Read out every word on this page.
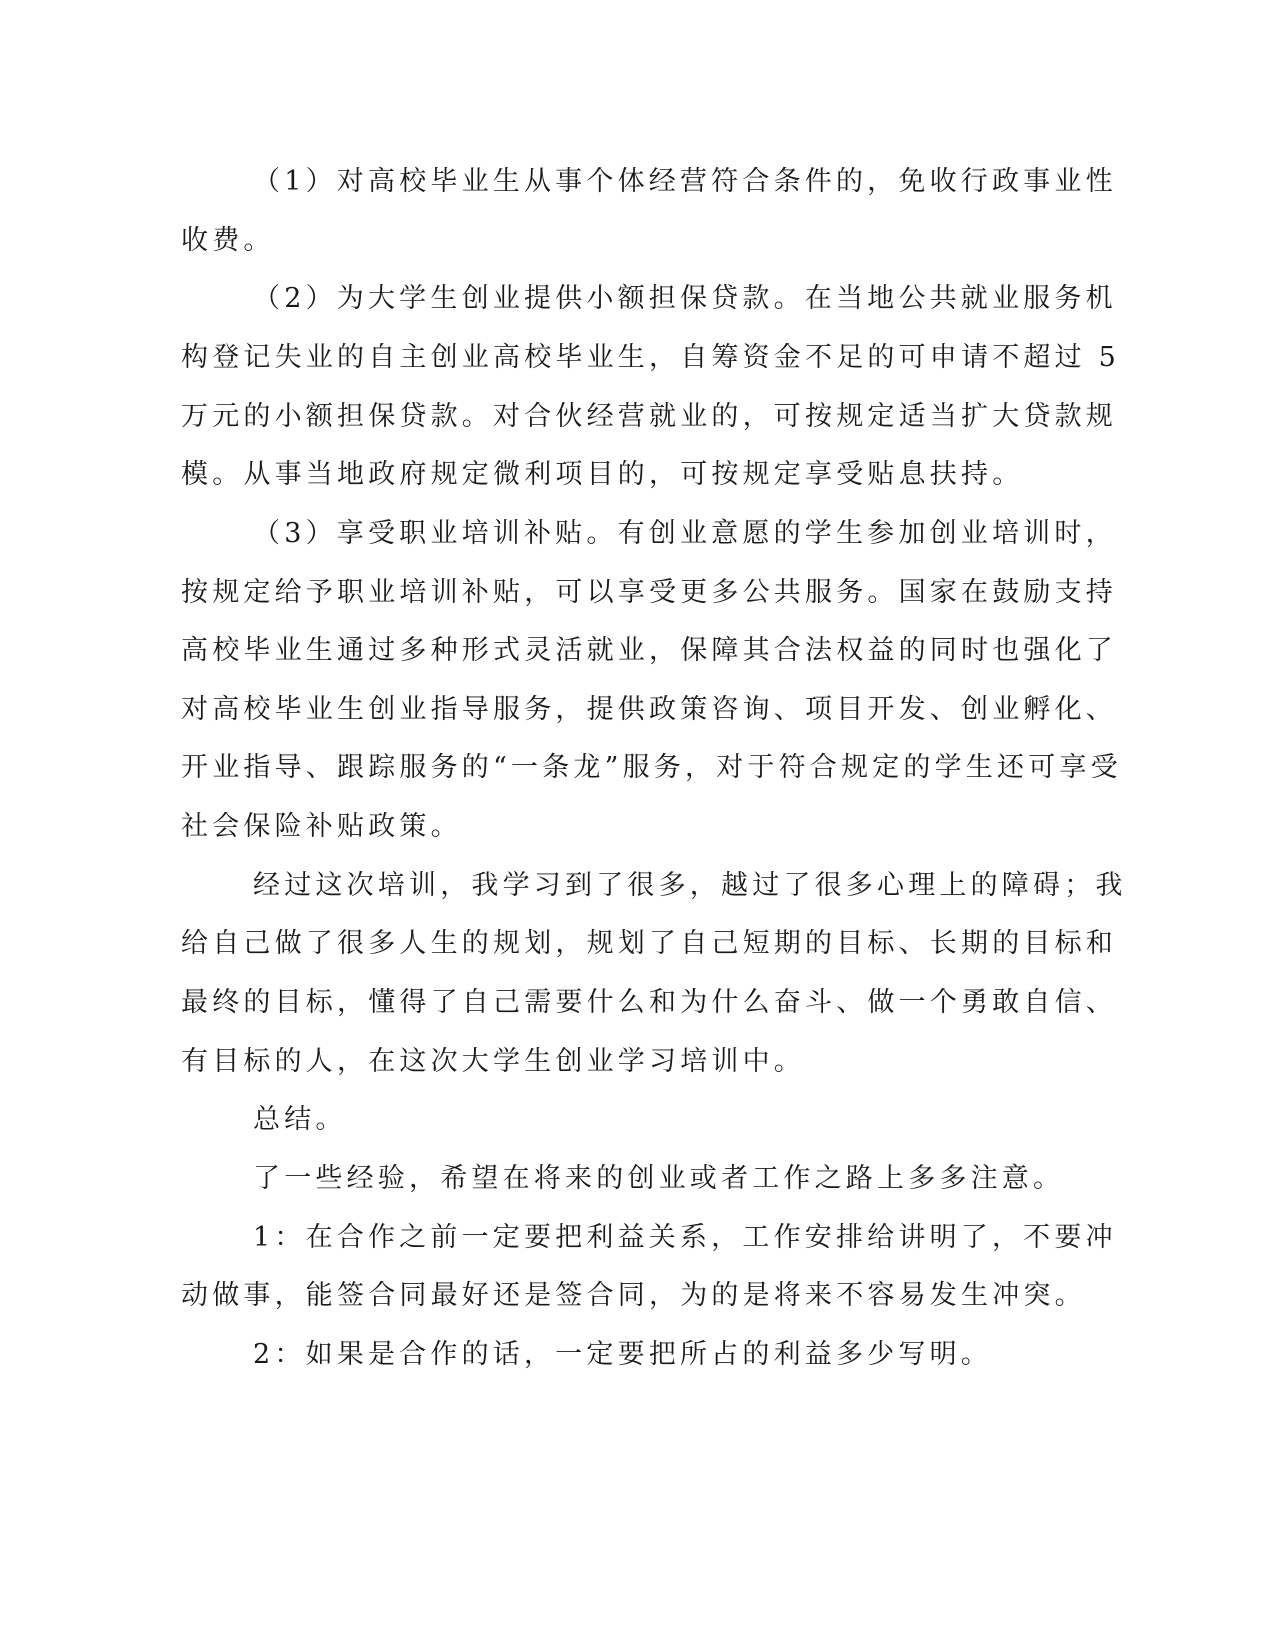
（1）对高校毕业生从事个体经营符合条件的，免收行政事业性
收费。
（2）为大学生创业提供小额担保贷款。在当地公共就业服务机
构登记失业的自主创业高校毕业生，自筹资金不足的可申请不超过 5
万元的小额担保贷款。对合伙经营就业的，可按规定适当扩大贷款规
模。从事当地政府规定微利项目的，可按规定享受贴息扶持。
（3）享受职业培训补贴。有创业意愿的学生参加创业培训时，
按规定给予职业培训补贴，可以享受更多公共服务。国家在鼓励支持
高校毕业生通过多种形式灵活就业，保障其合法权益的同时也强化了
对高校毕业生创业指导服务，提供政策咨询、项目开发、创业孵化、
开业指导、跟踪服务的“一条龙”服务，对于符合规定的学生还可享受
社会保险补贴政策。
经过这次培训，我学习到了很多，越过了很多心理上的障碍；我
给自己做了很多人生的规划，规划了自己短期的目标、长期的目标和
最终的目标，懂得了自己需要什么和为什么奋斗、做一个勇敢自信、
有目标的人，在这次大学生创业学习培训中。
总结。
了一些经验，希望在将来的创业或者工作之路上多多注意。
1：在合作之前一定要把利益关系，工作安排给讲明了，不要冲
动做事，能签合同最好还是签合同，为的是将来不容易发生冲突。
2：如果是合作的话，一定要把所占的利益多少写明。
